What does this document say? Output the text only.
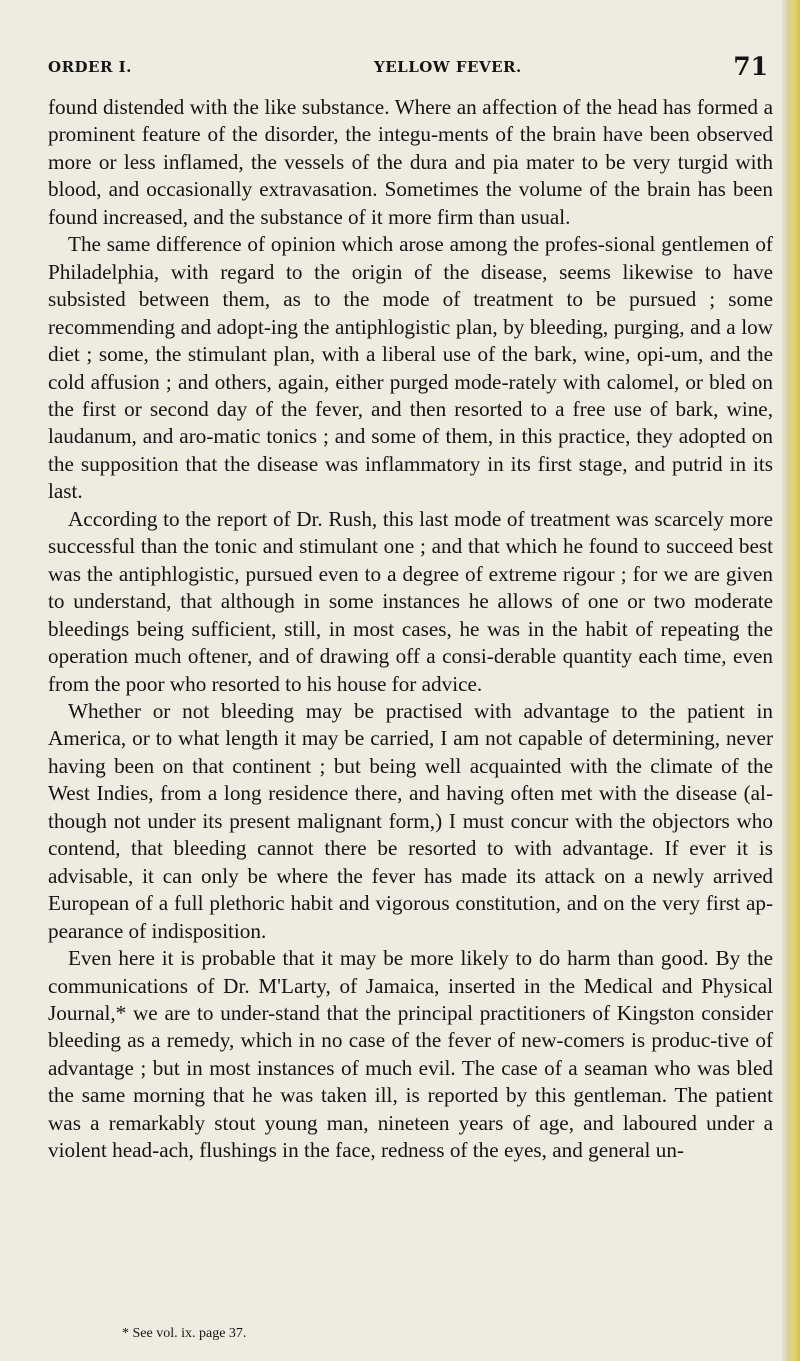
ORDER I.	YELLOW FEVER.	71

found distended with the like substance. Where an affection of the head has formed a prominent feature of the disorder, the integu-ments of the brain have been observed more or less inflamed, the vessels of the dura and pia mater to be very turgid with blood, and occasionally extravasation. Sometimes the volume of the brain has been found increased, and the substance of it more firm than usual.

The same difference of opinion which arose among the profes-sional gentlemen of Philadelphia, with regard to the origin of the disease, seems likewise to have subsisted between them, as to the mode of treatment to be pursued ; some recommending and adopt-ing the antiphlogistic plan, by bleeding, purging, and a low diet ; some, the stimulant plan, with a liberal use of the bark, wine, opi-um, and the cold affusion ; and others, again, either purged mode-rately with calomel, or bled on the first or second day of the fever, and then resorted to a free use of bark, wine, laudanum, and aro-matic tonics ; and some of them, in this practice, they adopted on the supposition that the disease was inflammatory in its first stage, and putrid in its last.

According to the report of Dr. Rush, this last mode of treatment was scarcely more successful than the tonic and stimulant one ; and that which he found to succeed best was the antiphlogistic, pursued even to a degree of extreme rigour ; for we are given to understand, that although in some instances he allows of one or two moderate bleedings being sufficient, still, in most cases, he was in the habit of repeating the operation much oftener, and of drawing off a consi-derable quantity each time, even from the poor who resorted to his house for advice.

Whether or not bleeding may be practised with advantage to the patient in America, or to what length it may be carried, I am not capable of determining, never having been on that continent ; but being well acquainted with the climate of the West Indies, from a long residence there, and having often met with the disease (al-though not under its present malignant form,) I must concur with the objectors who contend, that bleeding cannot there be resorted to with advantage. If ever it is advisable, it can only be where the fever has made its attack on a newly arrived European of a full plethoric habit and vigorous constitution, and on the very first ap-pearance of indisposition.

Even here it is probable that it may be more likely to do harm than good. By the communications of Dr. M'Larty, of Jamaica, inserted in the Medical and Physical Journal,* we are to under-stand that the principal practitioners of Kingston consider bleeding as a remedy, which in no case of the fever of new-comers is produc-tive of advantage ; but in most instances of much evil. The case of a seaman who was bled the same morning that he was taken ill, is reported by this gentleman. The patient was a remarkably stout young man, nineteen years of age, and laboured under a violent head-ach, flushings in the face, redness of the eyes, and general un-

* See vol. ix. page 37.
